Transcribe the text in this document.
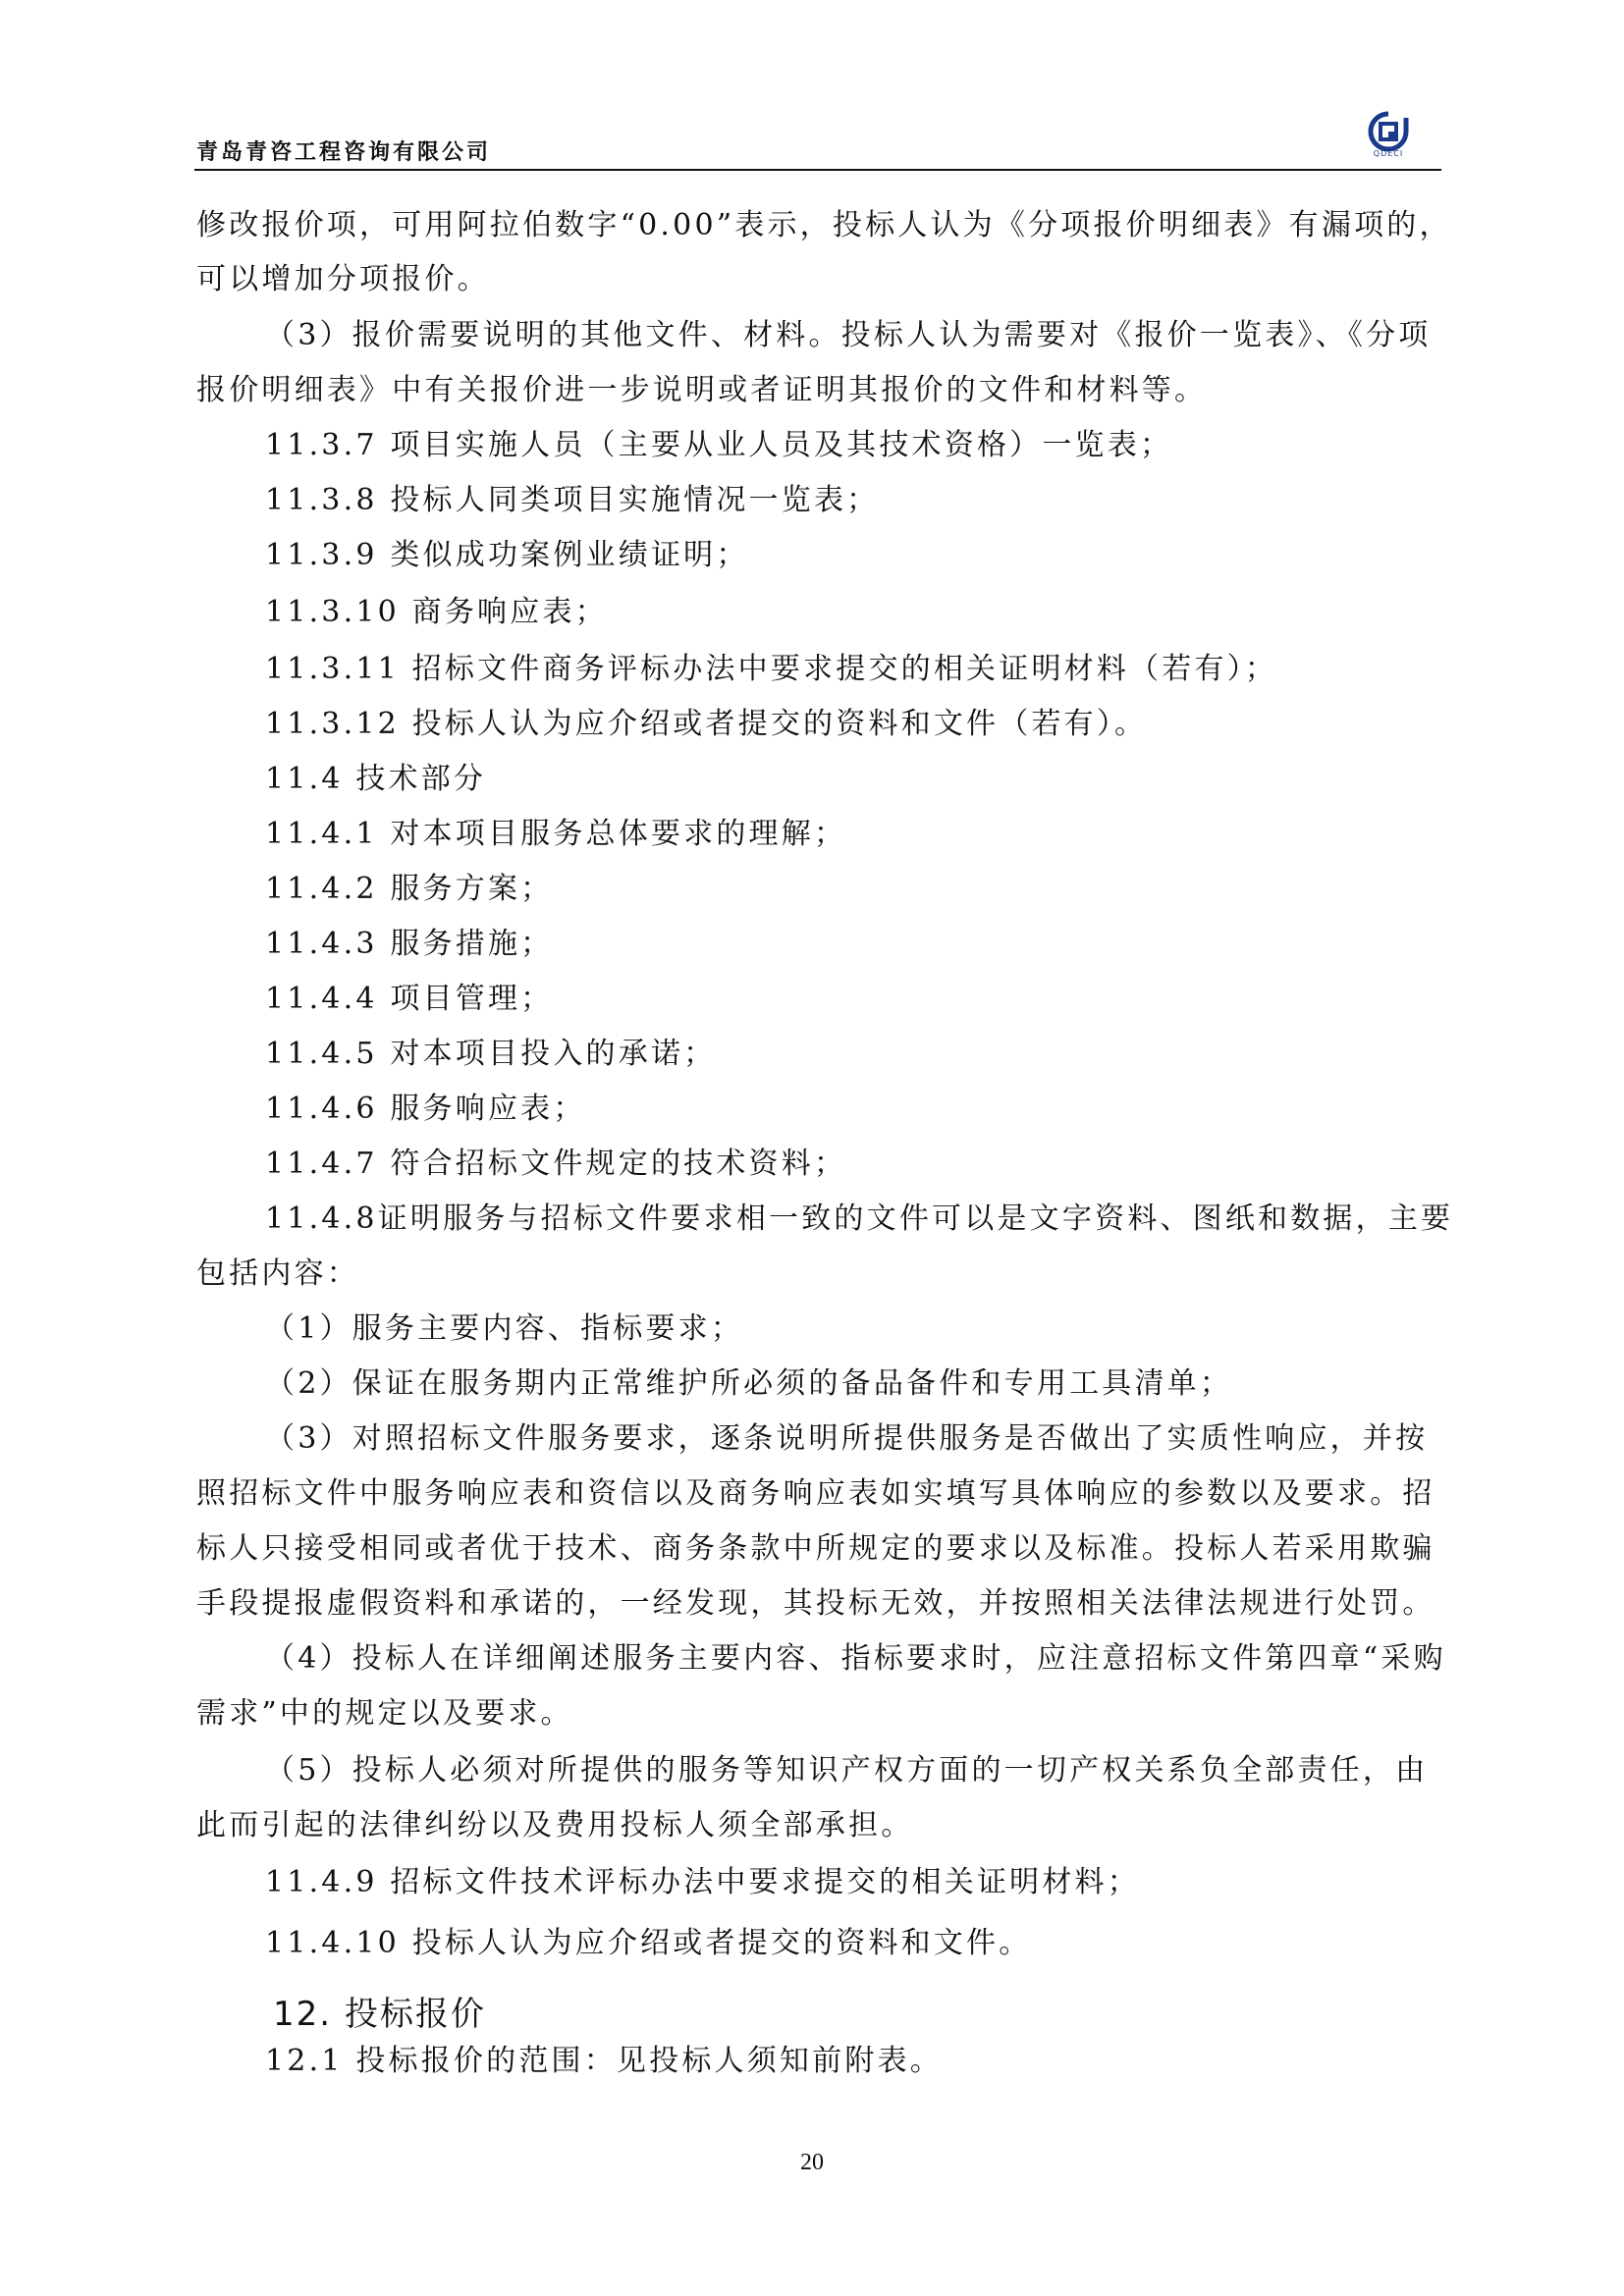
青岛青咨工程咨询有限公司	QDECI
修改报价项，可用阿拉伯数字“0.00”表示，投标人认为《分项报价明细表》有漏项的，
可以增加分项报价。
（3）报价需要说明的其他文件、材料。投标人认为需要对《报价一览表》、《分项
报价明细表》中有关报价进一步说明或者证明其报价的文件和材料等。
11.3.7 项目实施人员（主要从业人员及其技术资格）一览表；
11.3.8 投标人同类项目实施情况一览表；
11.3.9 类似成功案例业绩证明；
11.3.10 商务响应表；
11.3.11 招标文件商务评标办法中要求提交的相关证明材料（若有）；
11.3.12 投标人认为应介绍或者提交的资料和文件（若有）。
11.4 技术部分
11.4.1 对本项目服务总体要求的理解；
11.4.2 服务方案；
11.4.3 服务措施；
11.4.4 项目管理；
11.4.5 对本项目投入的承诺；
11.4.6 服务响应表；
11.4.7 符合招标文件规定的技术资料；
11.4.8证明服务与招标文件要求相一致的文件可以是文字资料、图纸和数据，主要
包括内容：
（1）服务主要内容、指标要求；
（2）保证在服务期内正常维护所必须的备品备件和专用工具清单；
（3）对照招标文件服务要求，逐条说明所提供服务是否做出了实质性响应，并按
照招标文件中服务响应表和资信以及商务响应表如实填写具体响应的参数以及要求。招
标人只接受相同或者优于技术、商务条款中所规定的要求以及标准。投标人若采用欺骗
手段提报虚假资料和承诺的，一经发现，其投标无效，并按照相关法律法规进行处罚。
（4）投标人在详细阐述服务主要内容、指标要求时，应注意招标文件第四章“采购
需求”中的规定以及要求。
（5）投标人必须对所提供的服务等知识产权方面的一切产权关系负全部责任，由
此而引起的法律纠纷以及费用投标人须全部承担。
11.4.9 招标文件技术评标办法中要求提交的相关证明材料；
11.4.10 投标人认为应介绍或者提交的资料和文件。
12. 投标报价
12.1 投标报价的范围：见投标人须知前附表。
20
